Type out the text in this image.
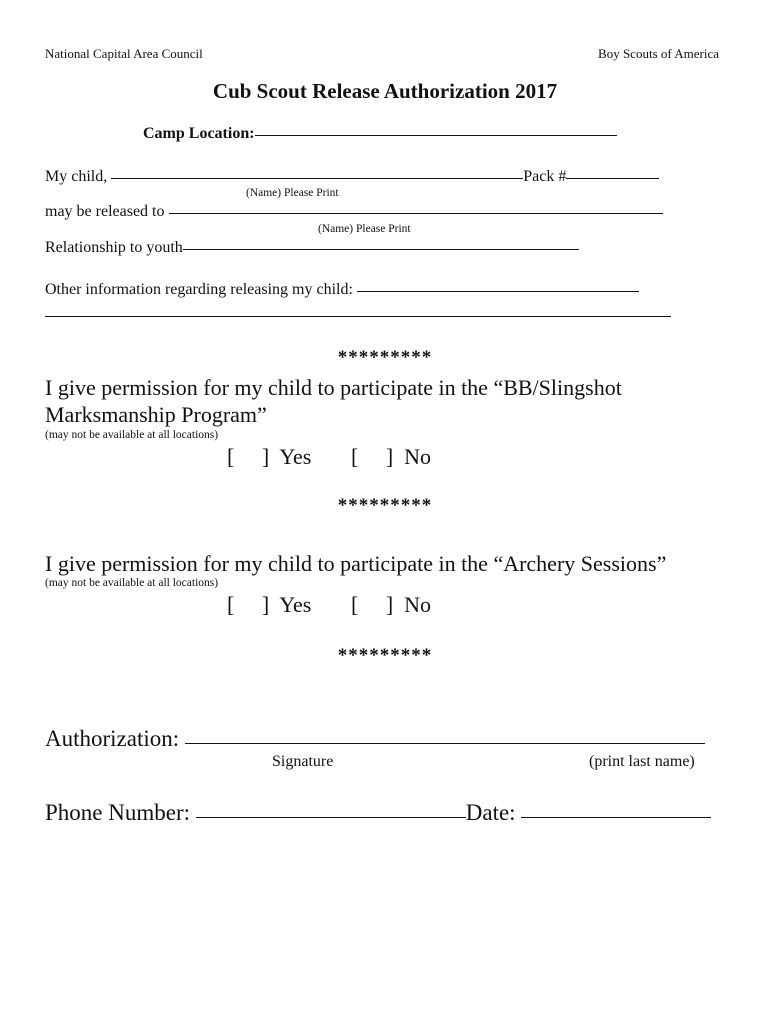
National Capital Area Council	Boy Scouts of America
Cub Scout Release Authorization 2017
Camp Location:
My child,	Pack #
(Name) Please Print
may be released to
(Name) Please Print
Relationship to youth
Other information regarding releasing my child:
*********
I give permission for my child to participate in the “BB/Slingshot
Marksmanship Program”
(may not be available at all locations)
[     ]  Yes [     ]  No
*********
I give permission for my child to participate in the “Archery Sessions”
(may not be available at all locations)
[     ]  Yes [     ]  No
*********
Authorization:
Signature	(print last name)
Phone Number:	Date:
